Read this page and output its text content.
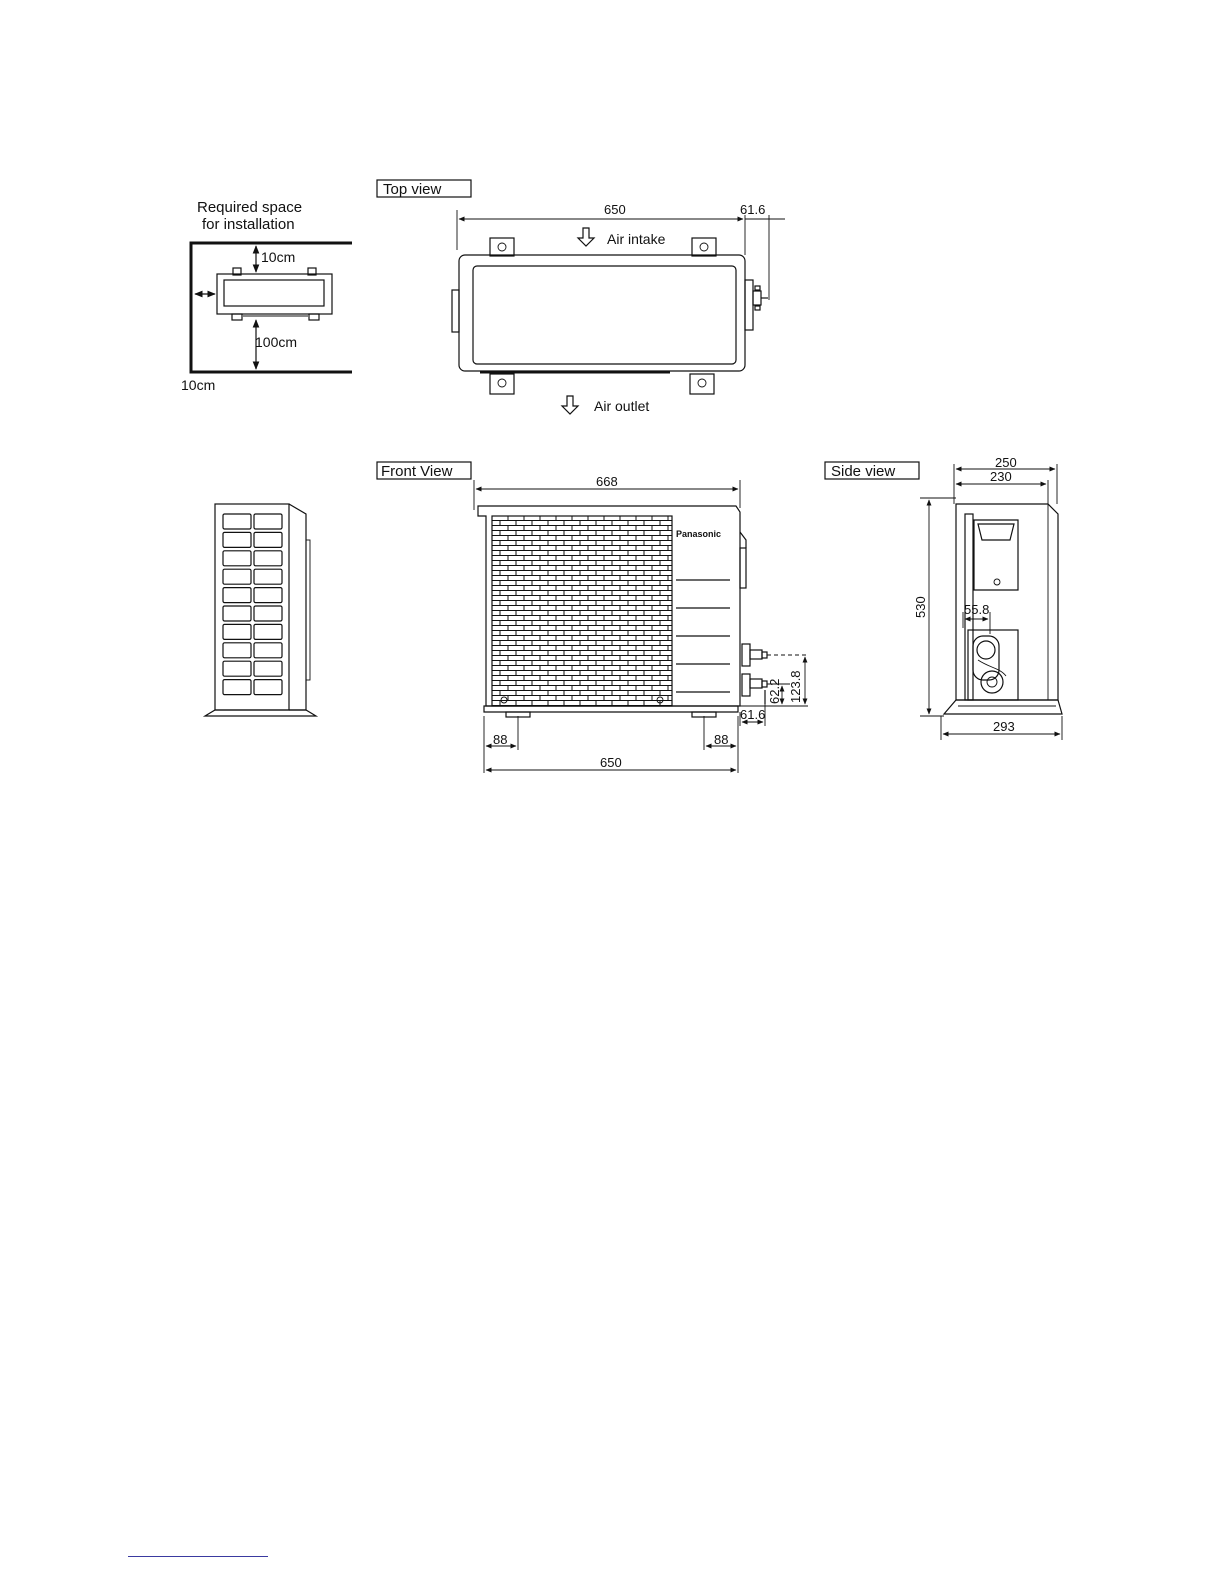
Required space
for installation
10cm
100cm
10cm
Top view
650	61.6
Air intake
Air outlet
Front View
668
Panasonic
62.2 123.8
61.6
88	88
650
Side view
250
230
55.8
530
293
